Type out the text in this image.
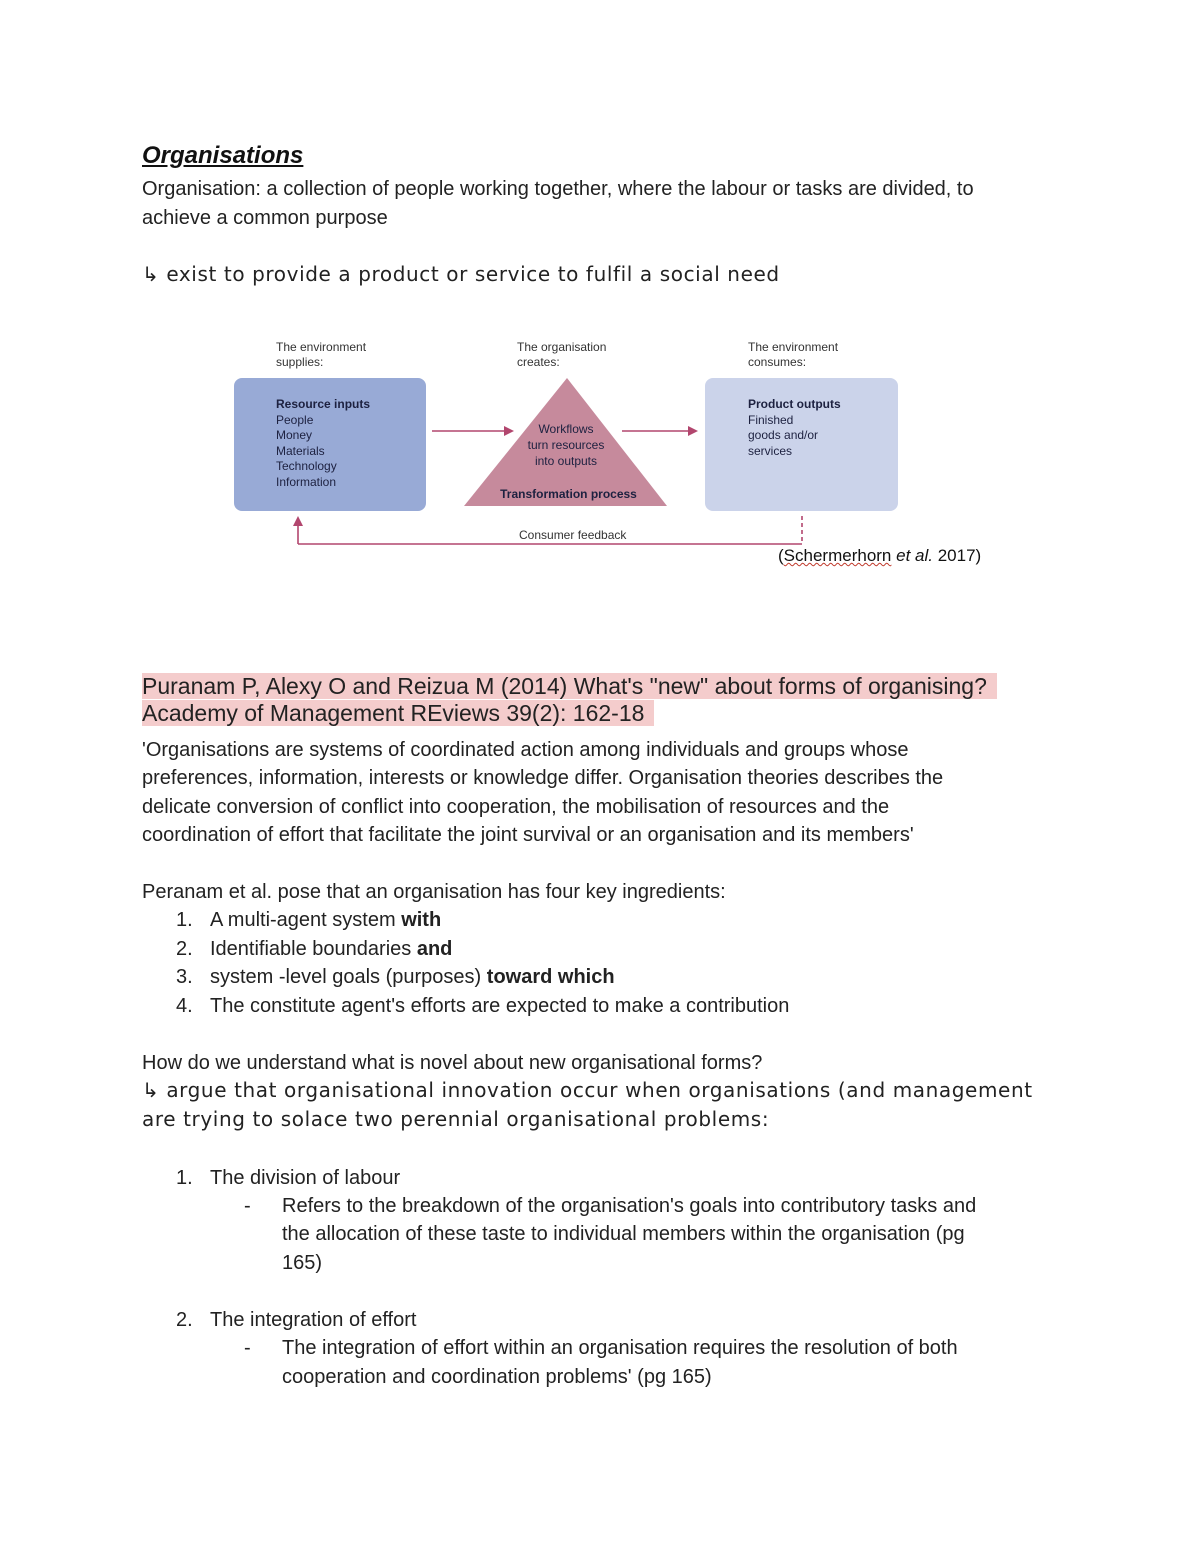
Organisations
Organisation: a collection of people working together, where the labour or tasks are divided, to
achieve a common purpose
↳ exist to provide a product or service to fulfil a social need
The environment
supplies:
The organisation
creates:
The environment
consumes:
Resource inputs
People
Money
Materials
Technology
Information
Workflows
turn resources
into outputs
Transformation process
Product outputs
Finished
goods and/or
services
Consumer feedback
(Schermerhorn et al. 2017)
Puranam P, Alexy O and Reizua M (2014) What's "new" about forms of organising?
Academy of Management REviews 39(2): 162-18
'Organisations are systems of coordinated action among individuals and groups whose
preferences, information, interests or knowledge differ. Organisation theories describes the
delicate conversion of conflict into cooperation, the mobilisation of resources and the
coordination of effort that facilitate the joint survival or an organisation and its members'
Peranam et al. pose that an organisation has four key ingredients:
1. A multi-agent system with
2. Identifiable boundaries and
3. system -level goals (purposes) toward which
4. The constitute agent's efforts are expected to make a contribution
How do we understand what is novel about new organisational forms?
↳ argue that organisational innovation occur when organisations (and management
are trying to solace two perennial organisational problems:
1. The division of labour
- Refers to the breakdown of the organisation's goals into contributory tasks and
the allocation of these taste to individual members within the organisation (pg
165)
2. The integration of effort
- The integration of effort within an organisation requires the resolution of both
cooperation and coordination problems' (pg 165)
